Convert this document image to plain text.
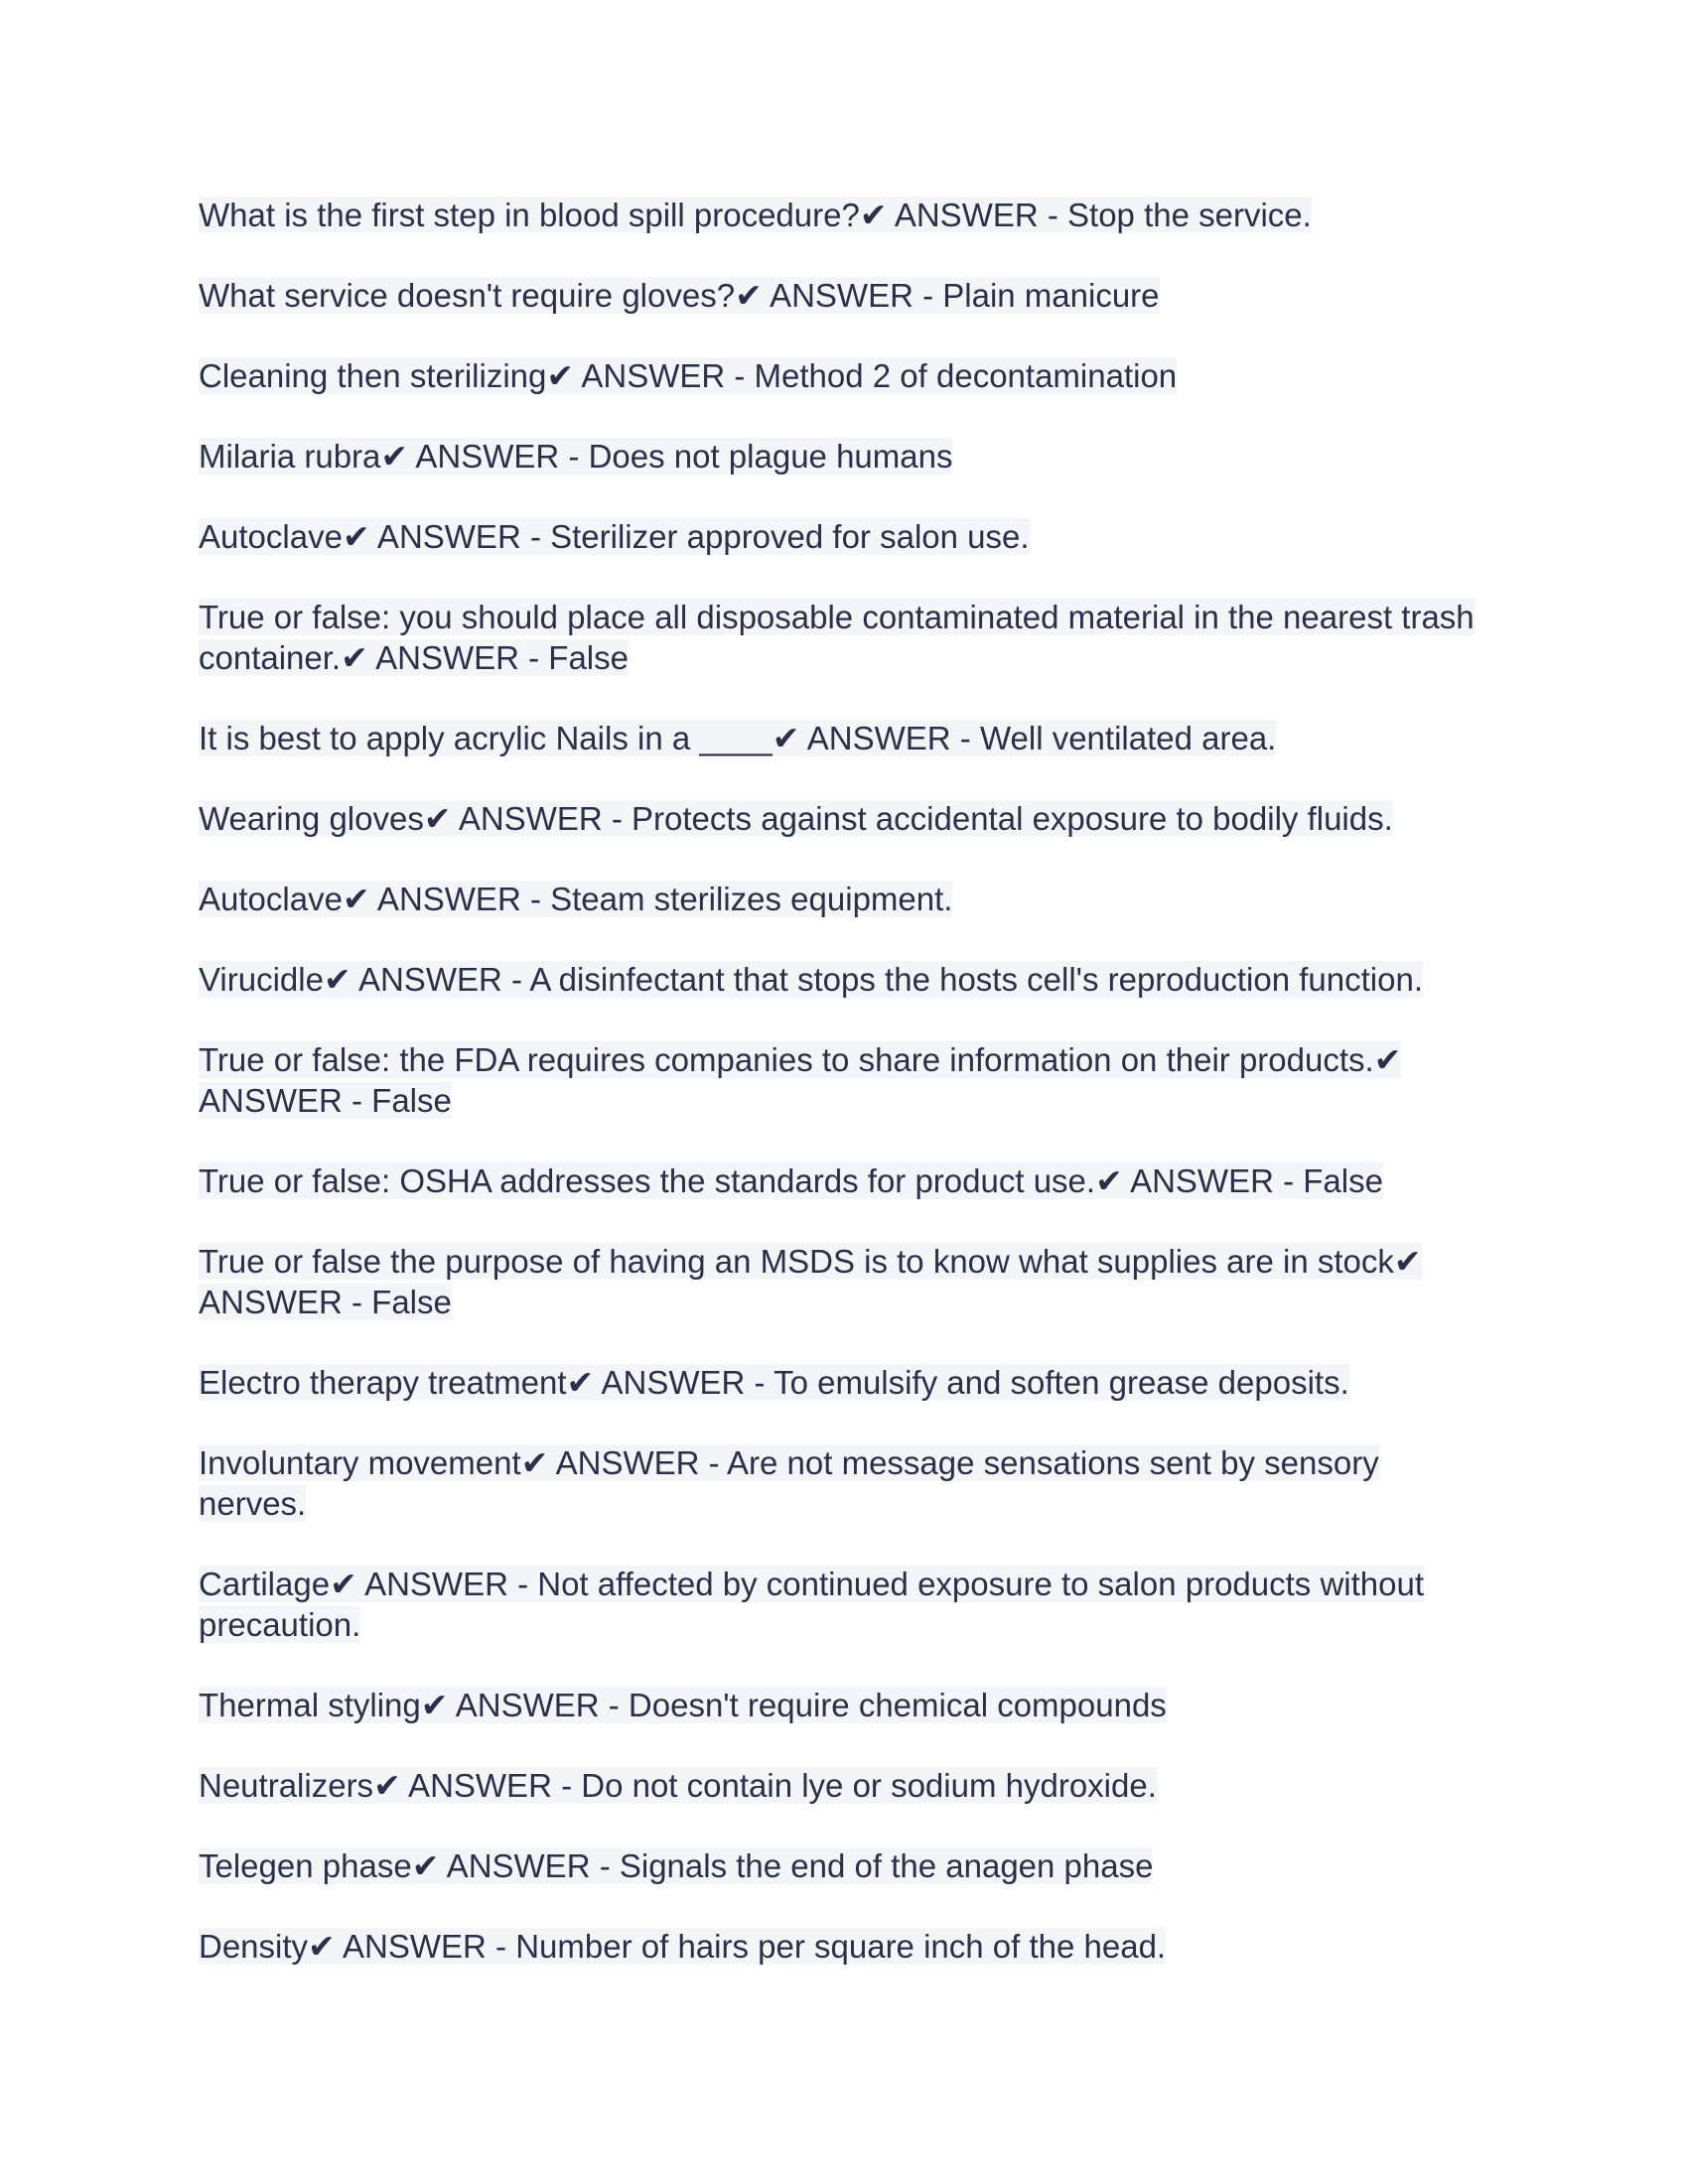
What is the first step in blood spill procedure?✔ ANSWER - Stop the service.

What service doesn't require gloves?✔ ANSWER - Plain manicure

Cleaning then sterilizing✔ ANSWER - Method 2 of decontamination

Milaria rubra✔ ANSWER - Does not plague humans

Autoclave✔ ANSWER - Sterilizer approved for salon use.

True or false: you should place all disposable contaminated material in the nearest trash container.✔ ANSWER - False

It is best to apply acrylic Nails in a ____✔ ANSWER - Well ventilated area.

Wearing gloves✔ ANSWER - Protects against accidental exposure to bodily fluids.

Autoclave✔ ANSWER - Steam sterilizes equipment.

Virucidle✔ ANSWER - A disinfectant that stops the hosts cell's reproduction function.

True or false: the FDA requires companies to share information on their products.✔ ANSWER - False

True or false: OSHA addresses the standards for product use.✔ ANSWER - False

True or false the purpose of having an MSDS is to know what supplies are in stock✔ ANSWER - False

Electro therapy treatment✔ ANSWER - To emulsify and soften grease deposits.

Involuntary movement✔ ANSWER - Are not message sensations sent by sensory nerves.

Cartilage✔ ANSWER - Not affected by continued exposure to salon products without precaution.

Thermal styling✔ ANSWER - Doesn't require chemical compounds

Neutralizers✔ ANSWER - Do not contain lye or sodium hydroxide.

Telegen phase✔ ANSWER - Signals the end of the anagen phase

Density✔ ANSWER - Number of hairs per square inch of the head.
